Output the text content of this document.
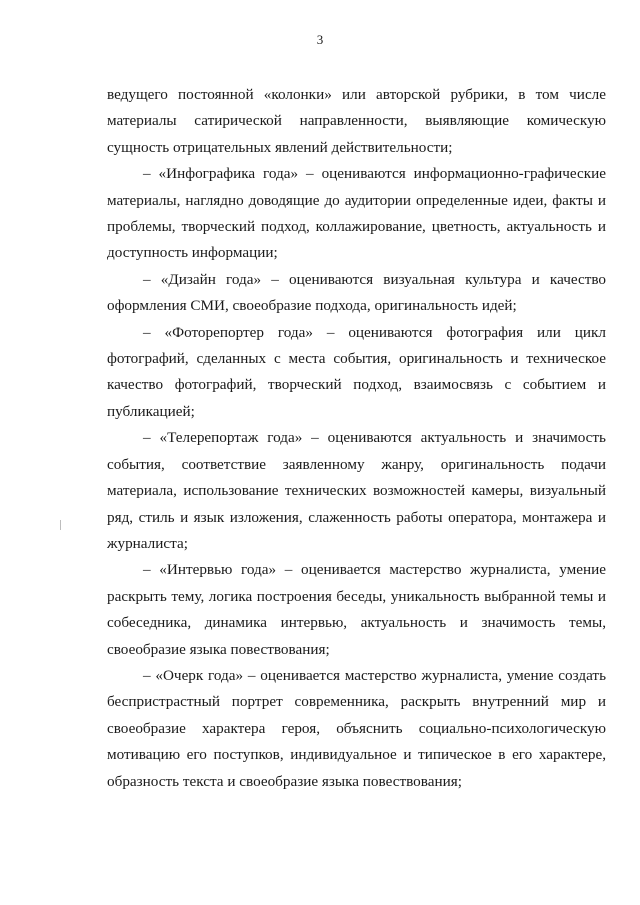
3
ведущего постоянной «колонки» или авторской рубрики, в том числе
материалы сатирической направленности, выявляющие комическую
сущность отрицательных явлений действительности;
– «Инфографика года» – оцениваются информационно-графические
материалы, наглядно доводящие до аудитории определенные идеи, факты и
проблемы, творческий подход, коллажирование, цветность, актуальность и
доступность информации;
– «Дизайн года» – оцениваются визуальная культура и качество
оформления СМИ, своеобразие подхода, оригинальность идей;
– «Фоторепортер года» – оцениваются фотография или цикл
фотографий, сделанных с места события, оригинальность и техническое
качество фотографий, творческий подход, взаимосвязь с событием и
публикацией;
– «Телерепортаж года» – оцениваются актуальность и значимость
события, соответствие заявленному жанру, оригинальность подачи
материала, использование технических возможностей камеры, визуальный
ряд, стиль и язык изложения, слаженность работы оператора, монтажера и
журналиста;
– «Интервью года» – оценивается мастерство журналиста, умение
раскрыть тему, логика построения беседы, уникальность выбранной темы и
собеседника, динамика интервью, актуальность и значимость темы,
своеобразие языка повествования;
– «Очерк года» – оценивается мастерство журналиста, умение создать
беспристрастный портрет современника, раскрыть внутренний мир и
своеобразие характера героя, объяснить социально-психологическую
мотивацию его поступков, индивидуальное и типическое в его характере,
образность текста и своеобразие языка повествования;
